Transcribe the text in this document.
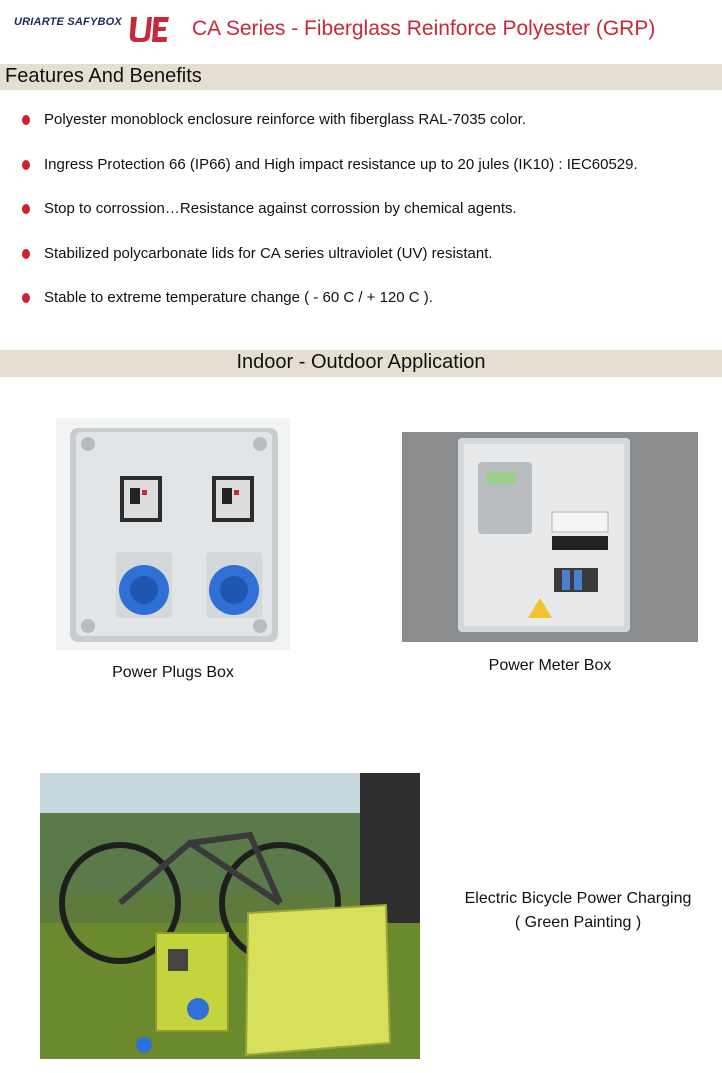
URIARTE SAFYBOX	CA Series - Fiberglass Reinforce Polyester (GRP)
Features And Benefits
Polyester monoblock enclosure reinforce with fiberglass RAL-7035 color.
Ingress Protection 66 (IP66) and High impact resistance up to 20 jules (IK10) : IEC60529.
Stop to corrossion…Resistance against corrossion by chemical agents.
Stabilized polycarbonate lids for CA series ultraviolet (UV) resistant.
Stable to extreme temperature change ( - 60 C / + 120 C ).
Indoor - Outdoor Application
Power Plugs Box	Power Meter Box
Electric Bicycle Power Charging
( Green Painting )
